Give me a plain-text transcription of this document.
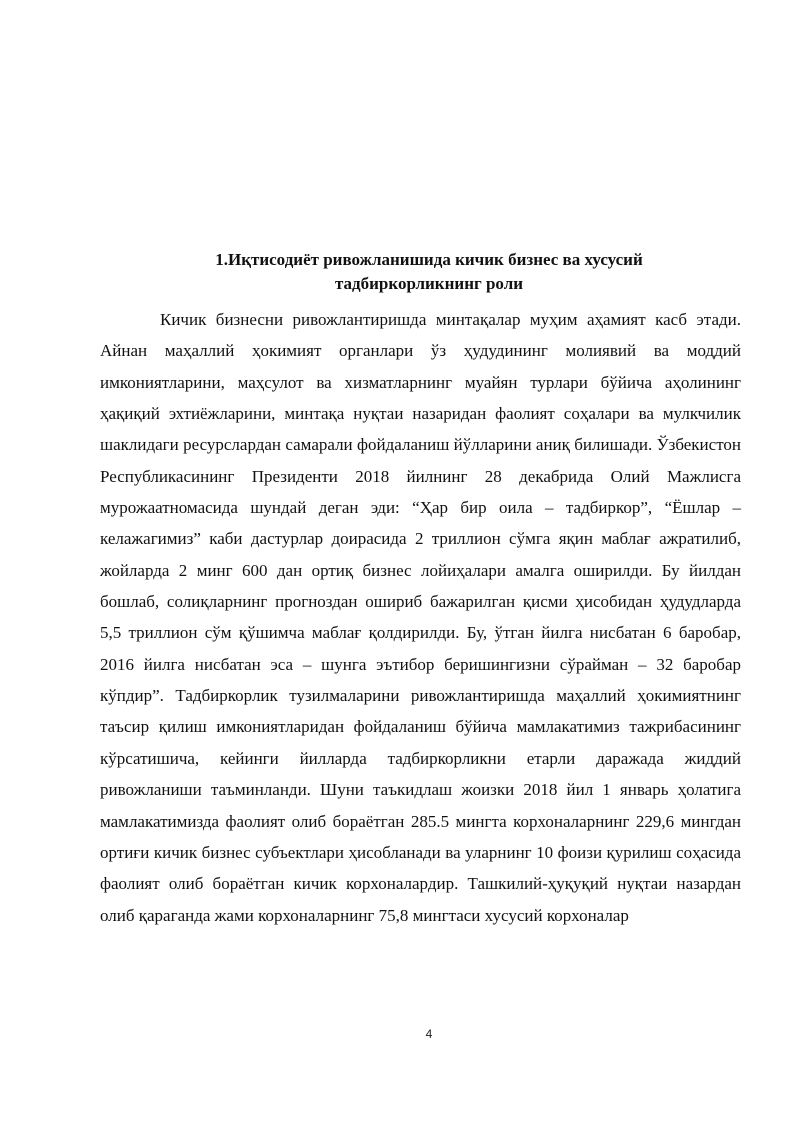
1.Иқтисодиёт ривожланишида кичик бизнес ва хусусий
тадбиркорликнинг роли

Кичик бизнесни ривожлантиришда минтақалар муҳим аҳамият касб этади. Айнан маҳаллий ҳокимият органлари ўз ҳудудининг молиявий ва моддий имкониятларини, маҳсулот ва хизматларнинг муайян турлари бўйича аҳолининг ҳақиқий эхтиёжларини, минтақа нуқтаи назаридан фаолият соҳалари ва мулкчилик шаклидаги ресурслардан самарали фойдаланиш йўлларини аниқ билишади. Ўзбекистон Республикасининг Президенти 2018 йилнинг 28 декабрида Олий Мажлисга мурожаатномасида шундай деган эди: “Ҳар бир оила – тадбиркор”, “Ёшлар – келажагимиз” каби дастурлар доирасида 2 триллион сўмга яқин маблағ ажратилиб, жойларда 2 минг 600 дан ортиқ бизнес лойиҳалари амалга оширилди. Бу йилдан бошлаб, солиқларнинг прогноздан ошириб бажарилган қисми ҳисобидан ҳудудларда 5,5 триллион сўм қўшимча маблағ қолдирилди. Бу, ўтган йилга нисбатан 6 баробар, 2016 йилга нисбатан эса – шунга эътибор беришингизни сўрайман – 32 баробар кўпдир”. Тадбиркорлик тузилмаларини ривожлантиришда маҳаллий ҳокимиятнинг таъсир қилиш имкониятларидан фойдаланиш бўйича мамлакатимиз тажрибасининг кўрсатишича, кейинги йилларда тадбиркорликни етарли даражада жиддий ривожланиши таъминланди. Шуни таъкидлаш жоизки 2018 йил 1 январь ҳолатига мамлакатимизда фаолият олиб бораётган 285.5 мингта корхоналарнинг 229,6 мингдан ортиғи кичик бизнес субъектлари ҳисобланади ва уларнинг 10 фоизи қурилиш соҳасида фаолият олиб бораётган кичик корхоналардир. Ташкилий-ҳуқуқий нуқтаи назардан олиб қараганда жами корхоналарнинг 75,8 мингтаси хусусий корхоналар

4
